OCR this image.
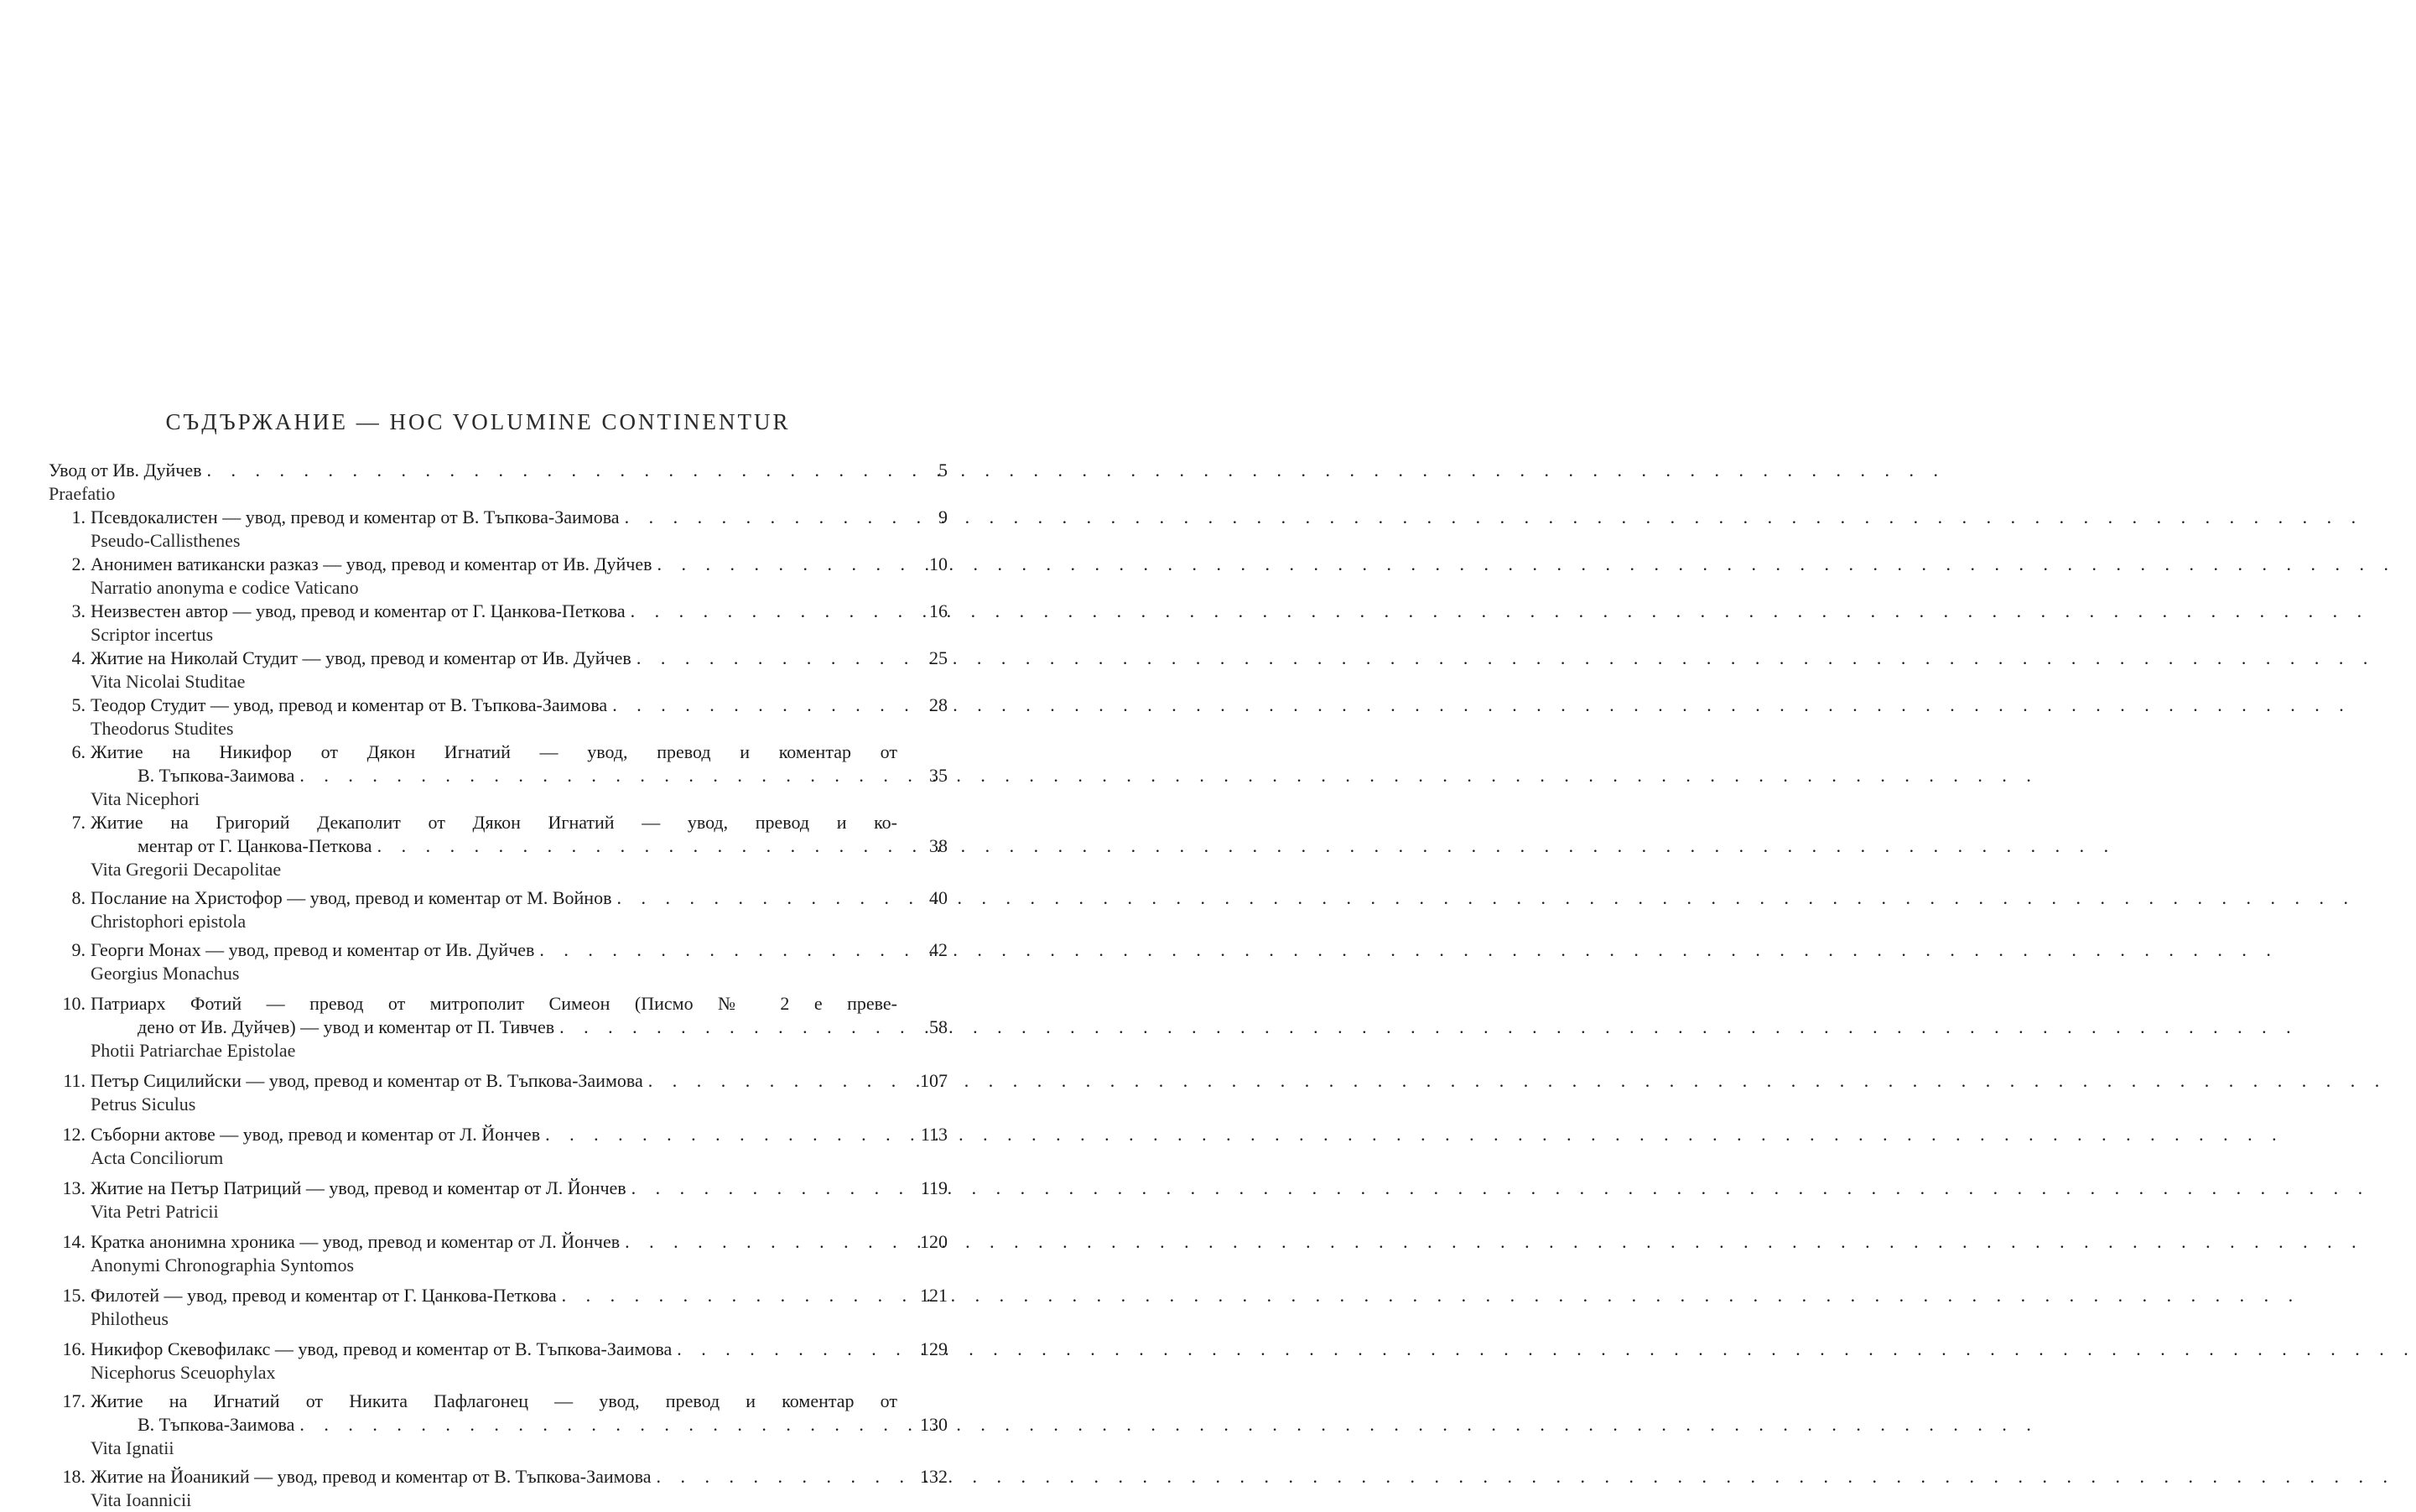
СЪДЪРЖАНИЕ — HOC VOLUMINE CONTINENTUR
Увод от Ив. Дуйчев . . .	5
Praefatio
1. Псевдокалистен — увод, превод и коментар от В. Тъпкова-Заимова . . .	9
Pseudo-Callisthenes
2. Анонимен ватикански разказ — увод, превод и коментар от Ив. Дуйчев . . .	10
Narratio anonyma e codice Vaticano
3. Неизвестен автор — увод, превод и коментар от Г. Цанкова-Петкова . . .	16
Scriptor incertus
4. Житие на Николай Студит — увод, превод и коментар от Ив. Дуйчев . . .	25
Vita Nicolai Studitae
5. Теодор Студит — увод, превод и коментар от В. Тъпкова-Заимова . . .	28
Theodorus Studites
6. Житие на Никифор от Дякон Игнатий — увод, превод и коментар от
В. Тъпкова-Заимова . . .	35
Vita Nicephori
7. Житие на Григорий Декаполит от Дякон Игнатий — увод, превод и ко-
ментар от Г. Цанкова-Петкова . . .	38
Vita Gregorii Decapolitae
8. Послание на Христофор — увод, превод и коментар от М. Войнов . . .	40
Christophori epistola
9. Георги Монах — увод, превод и коментар от Ив. Дуйчев . . .	42
Georgius Monachus
10. Патриарх Фотий — превод от митрополит Симеон (Писмо № 2 е преве-
дено от Ив. Дуйчев) — увод и коментар от П. Тивчев . . .	58
Photii Patriarchae Epistolae
11. Петър Сицилийски — увод, превод и коментар от В. Тъпкова-Заимова . . .	107
Petrus Siculus
12. Съборни актове — увод, превод и коментар от Л. Йончев . . .	113
Acta Conciliorum
13. Житие на Петър Патриций — увод, превод и коментар от Л. Йончев . . .	119
Vita Petri Patricii
14. Кратка анонимна хроника — увод, превод и коментар от Л. Йончев . . .	120
Anonymi Chronographia Syntomos
15. Филотей — увод, превод и коментар от Г. Цанкова-Петкова . . .	121
Philotheus
16. Никифор Скевофилакс — увод, превод и коментар от В. Тъпкова-Заимова . . .	129
Nicephorus Sceuophylax
17. Житие на Игнатий от Никита Пафлагонец — увод, превод и коментар от
В. Тъпкова-Заимова . . .	130
Vita Ignatii
18. Житие на Йоаникий — увод, превод и коментар от В. Тъпкова-Заимова . . .	132
Vita Ioannicii
